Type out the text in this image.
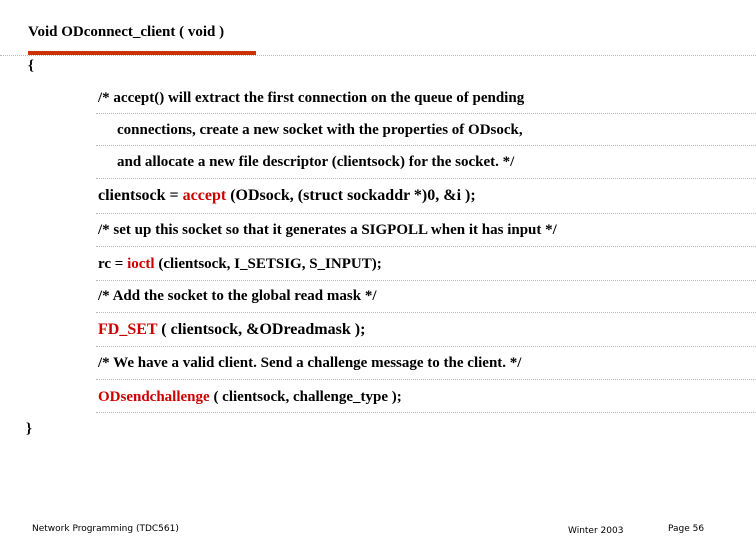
Void ODconnect_client ( void )
{
/* accept() will extract the first connection on the queue of pending
connections, create a new socket with the properties of ODsock,
and allocate a new file descriptor (clientsock) for the socket. */
clientsock = accept (ODsock, (struct sockaddr *)0, &i );
/* set up this socket so that it generates a SIGPOLL when it has input */
rc = ioctl (clientsock, I_SETSIG, S_INPUT);
/* Add the socket to the global read mask */
FD_SET ( clientsock, &ODreadmask );
/* We have a valid client. Send a challenge message to the client. */
ODsendchallenge ( clientsock, challenge_type );
}
Network Programming (TDC561)	Winter 2003	Page 56
